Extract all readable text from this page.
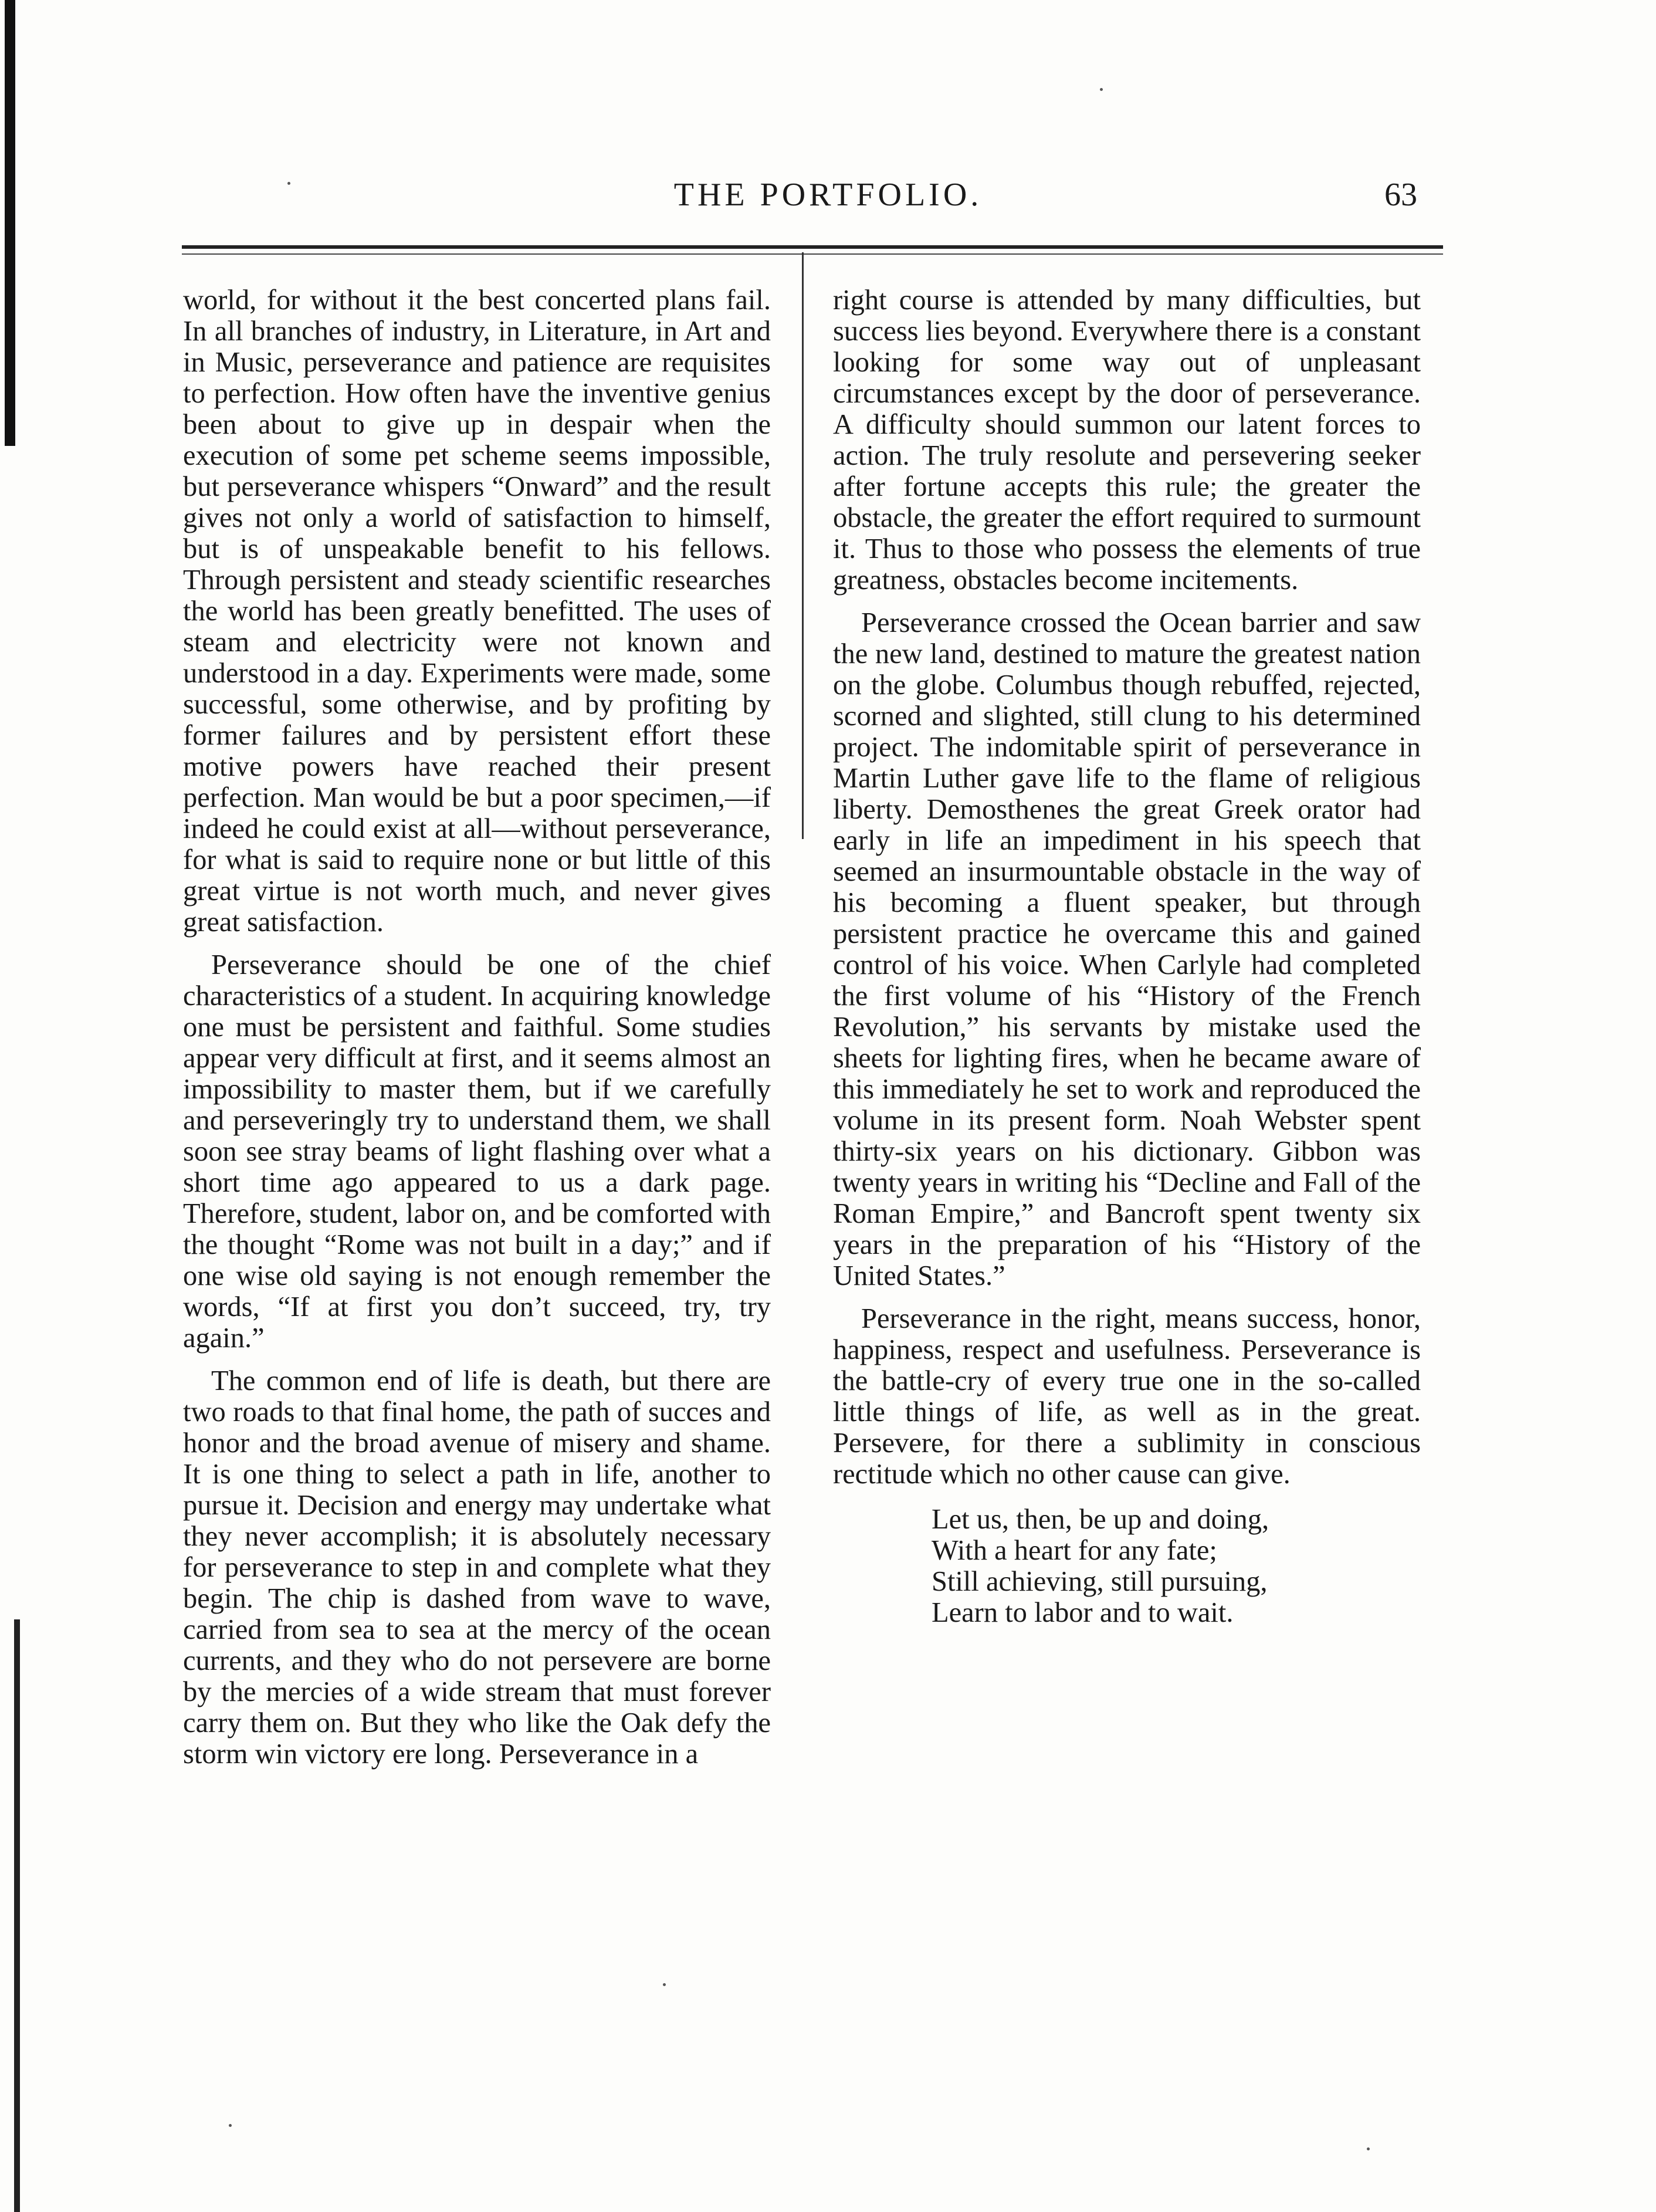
THE PORTFOLIO.	63

world, for without it the best concerted plans fail. In all branches of industry, in Literature, in Art and in Music, perseverance and patience are requisites to perfection. How often have the inventive genius been about to give up in despair when the execution of some pet scheme seems impossible, but perseverance whispers “Onward” and the result gives not only a world of satisfaction to himself, but is of unspeakable benefit to his fellows. Through persistent and steady scientific researches the world has been greatly benefitted. The uses of steam and electricity were not known and understood in a day. Experiments were made, some successful, some otherwise, and by profiting by former failures and by persistent effort these motive powers have reached their present perfection. Man would be but a poor specimen,—if indeed he could exist at all—without perseverance, for what is said to require none or but little of this great virtue is not worth much, and never gives great satisfaction.

Perseverance should be one of the chief characteristics of a student. In acquiring knowledge one must be persistent and faithful. Some studies appear very difficult at first, and it seems almost an impossibility to master them, but if we carefully and perseveringly try to understand them, we shall soon see stray beams of light flashing over what a short time ago appeared to us a dark page. Therefore, student, labor on, and be comforted with the thought “Rome was not built in a day;” and if one wise old saying is not enough remember the words, “If at first you don’t succeed, try, try again.”

The common end of life is death, but there are two roads to that final home, the path of succes and honor and the broad avenue of misery and shame. It is one thing to select a path in life, another to pursue it. Decision and energy may undertake what they never accomplish; it is absolutely necessary for perseverance to step in and complete what they begin. The chip is dashed from wave to wave, carried from sea to sea at the mercy of the ocean currents, and they who do not persevere are borne by the mercies of a wide stream that must forever carry them on. But they who like the Oak defy the storm win victory ere long. Perseverance in a

right course is attended by many difficulties, but success lies beyond. Everywhere there is a constant looking for some way out of unpleasant circumstances except by the door of perseverance. A difficulty should summon our latent forces to action. The truly resolute and persevering seeker after fortune accepts this rule; the greater the obstacle, the greater the effort required to surmount it. Thus to those who possess the elements of true greatness, obstacles become incitements.

Perseverance crossed the Ocean barrier and saw the new land, destined to mature the greatest nation on the globe. Columbus though rebuffed, rejected, scorned and slighted, still clung to his determined project. The indomitable spirit of perseverance in Martin Luther gave life to the flame of religious liberty. Demosthenes the great Greek orator had early in life an impediment in his speech that seemed an insurmountable obstacle in the way of his becoming a fluent speaker, but through persistent practice he overcame this and gained control of his voice. When Carlyle had completed the first volume of his “History of the French Revolution,” his servants by mistake used the sheets for lighting fires, when he became aware of this immediately he set to work and reproduced the volume in its present form. Noah Webster spent thirty-six years on his dictionary. Gibbon was twenty years in writing his “Decline and Fall of the Roman Empire,” and Bancroft spent twenty six years in the preparation of his “History of the United States.”

Perseverance in the right, means success, honor, happiness, respect and usefulness. Perseverance is the battle-cry of every true one in the so-called little things of life, as well as in the great. Persevere, for there a sublimity in conscious rectitude which no other cause can give.

Let us, then, be up and doing,
With a heart for any fate;
Still achieving, still pursuing,
Learn to labor and to wait.
